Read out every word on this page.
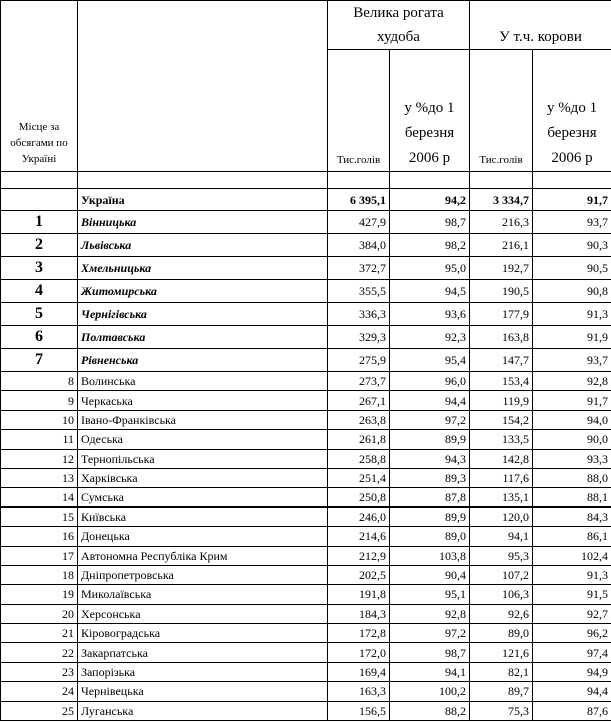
Місце за обсягами по Україні		Велика рогата худоба		У т.ч. корови	
		Тис.голів	у %до 1 березня 2006 р	Тис.голів	у %до 1 березня 2006 р

	Україна	6 395,1	94,2	3 334,7	91,7
1	Вінницька	427,9	98,7	216,3	93,7
2	Львівська	384,0	98,2	216,1	90,3
3	Хмельницька	372,7	95,0	192,7	90,5
4	Житомирська	355,5	94,5	190,5	90,8
5	Чернігівська	336,3	93,6	177,9	91,3
6	Полтавська	329,3	92,3	163,8	91,9
7	Рівненська	275,9	95,4	147,7	93,7
8	Волинська	273,7	96,0	153,4	92,8
9	Черкаська	267,1	94,4	119,9	91,7
10	Івано-Франківська	263,8	97,2	154,2	94,0
11	Одеська	261,8	89,9	133,5	90,0
12	Тернопільська	258,8	94,3	142,8	93,3
13	Харківська	251,4	89,3	117,6	88,0
14	Сумська	250,8	87,8	135,1	88,1
15	Київська	246,0	89,9	120,0	84,3
16	Донецька	214,6	89,0	94,1	86,1
17	Автономна Республіка Крим	212,9	103,8	95,3	102,4
18	Дніпропетровська	202,5	90,4	107,2	91,3
19	Миколаївська	191,8	95,1	106,3	91,5
20	Херсонська	184,3	92,8	92,6	92,7
21	Кіровоградська	172,8	97,2	89,0	96,2
22	Закарпатська	172,0	98,7	121,6	97,4
23	Запорізька	169,4	94,1	82,1	94,9
24	Чернівецька	163,3	100,2	89,7	94,4
25	Луганська	156,5	88,2	75,3	87,6
